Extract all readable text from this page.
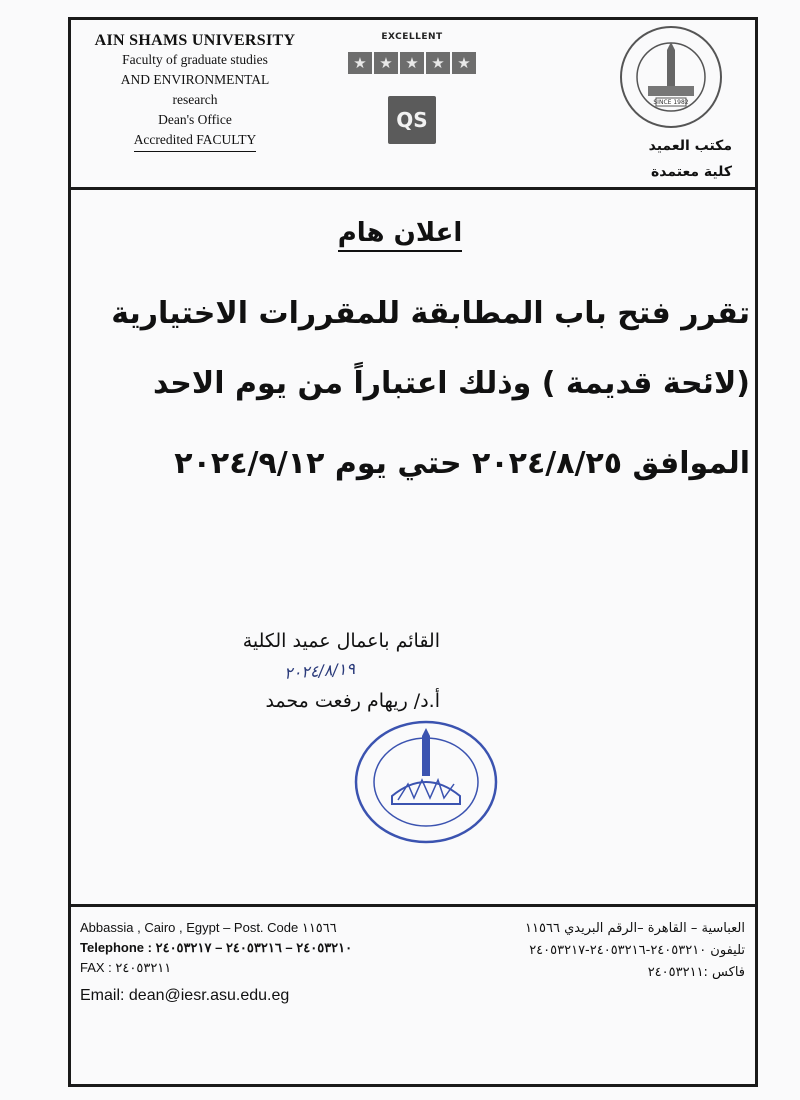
AIN SHAMS UNIVERSITY
Faculty of graduate studies
AND ENVIRONMENTAL
research
Dean's Office
Accredited FACULTY
EXCELLENT
★ ★ ★ ★ ★
QS
SINCE 1982
مكتب العميد
كلية معتمدة
اعلان هام
تقرر فتح باب المطابقة للمقررات الاختيارية
(لائحة قديمة ) وذلك اعتباراً من يوم الاحد
الموافق ٢٠٢٤/٨/٢٥ حتي يوم ٢٠٢٤/٩/١٢
القائم باعمال عميد الكلية
٢٠٢٤/٨/١٩
أ.د/ ريهام رفعت محمد
Abbassia , Cairo , Egypt – Post. Code ١١٥٦٦
Telephone : ٢٤٠٥٣٢١٠ – ٢٤٠٥٣٢١٦ – ٢٤٠٥٣٢١٧
FAX : ٢٤٠٥٣٢١١
Email: dean@iesr.asu.edu.eg
العباسية – القاهرة –الرقم البريدي ١١٥٦٦
تليفون ٢٤٠٥٣٢١٠-٢٤٠٥٣٢١٦-٢٤٠٥٣٢١٧
فاكس :٢٤٠٥٣٢١١
